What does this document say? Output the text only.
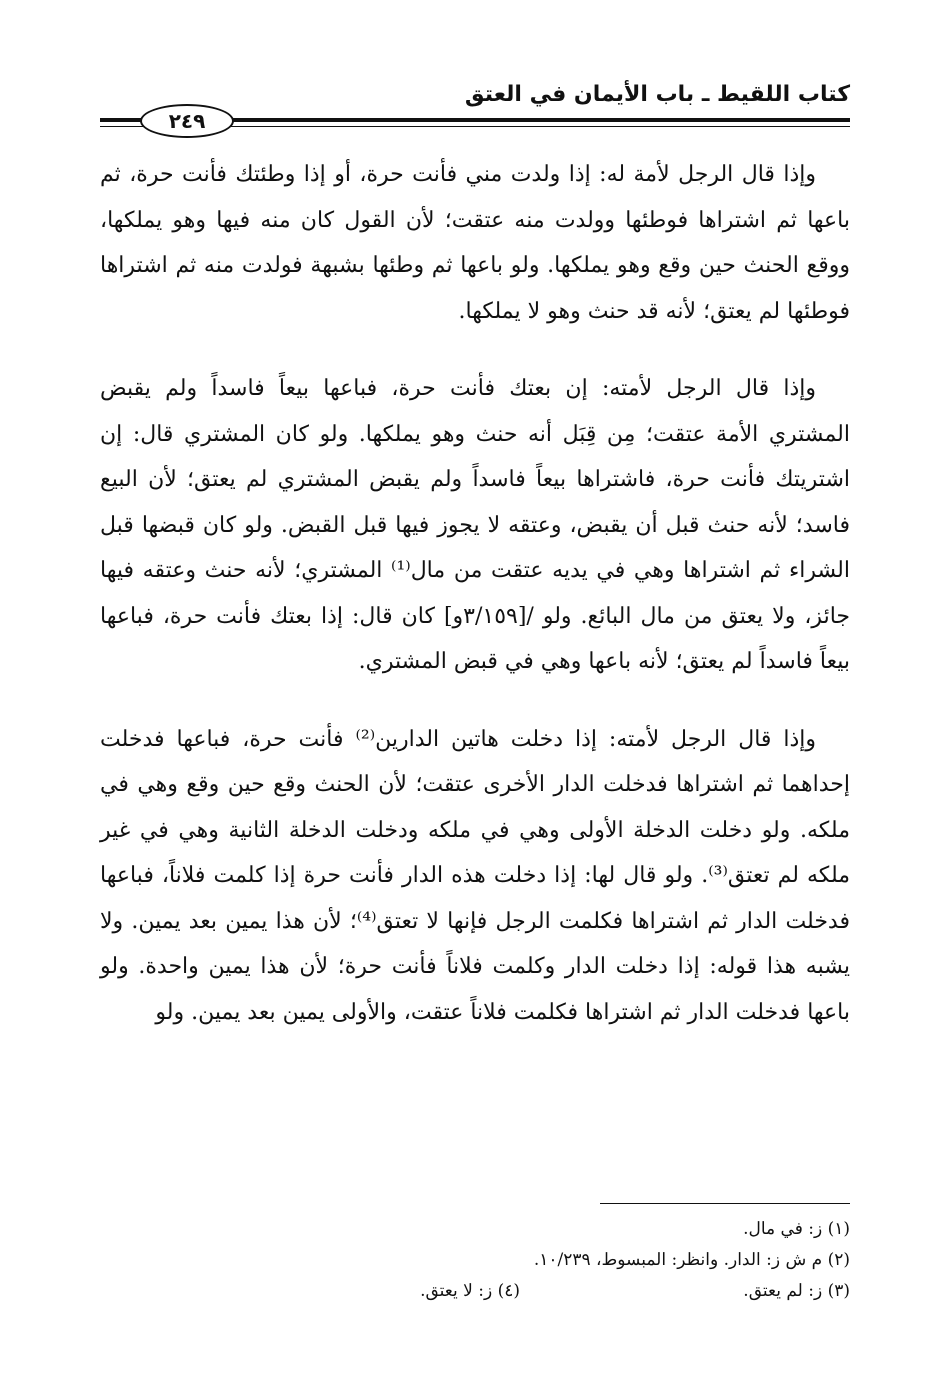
كتاب اللقيط ـ باب الأيمان في العتق
٢٤٩

وإذا قال الرجل لأمة له: إذا ولدت مني فأنت حرة، أو إذا وطئتك فأنت حرة، ثم باعها ثم اشتراها فوطئها وولدت منه عتقت؛ لأن القول كان منه فيها وهو يملكها، ووقع الحنث حين وقع وهو يملكها. ولو باعها ثم وطئها بشبهة فولدت منه ثم اشتراها فوطئها لم يعتق؛ لأنه قد حنث وهو لا يملكها.

وإذا قال الرجل لأمته: إن بعتك فأنت حرة، فباعها بيعاً فاسداً ولم يقبض المشتري الأمة عتقت؛ مِن قِبَل أنه حنث وهو يملكها. ولو كان المشتري قال: إن اشتريتك فأنت حرة، فاشتراها بيعاً فاسداً ولم يقبض المشتري لم يعتق؛ لأن البيع فاسد؛ لأنه حنث قبل أن يقبض، وعتقه لا يجوز فيها قبل القبض. ولو كان قبضها قبل الشراء ثم اشتراها وهي في يديه عتقت من مال⁽¹⁾ المشتري؛ لأنه حنث وعتقه فيها جائز، ولا يعتق من مال البائع. ولو /[٣/١٥٩و] كان قال: إذا بعتك فأنت حرة، فباعها بيعاً فاسداً لم يعتق؛ لأنه باعها وهي في قبض المشتري.

وإذا قال الرجل لأمته: إذا دخلت هاتين الدارين⁽²⁾ فأنت حرة، فباعها فدخلت إحداهما ثم اشتراها فدخلت الدار الأخرى عتقت؛ لأن الحنث وقع حين وقع وهي في ملكه. ولو دخلت الدخلة الأولى وهي في ملكه ودخلت الدخلة الثانية وهي في غير ملكه لم تعتق⁽³⁾. ولو قال لها: إذا دخلت هذه الدار فأنت حرة إذا كلمت فلاناً، فباعها فدخلت الدار ثم اشتراها فكلمت الرجل فإنها لا تعتق⁽⁴⁾؛ لأن هذا يمين بعد يمين. ولا يشبه هذا قوله: إذا دخلت الدار وكلمت فلاناً فأنت حرة؛ لأن هذا يمين واحدة. ولو باعها فدخلت الدار ثم اشتراها فكلمت فلاناً عتقت، والأولى يمين بعد يمين. ولو

(١) ز: في مال.

(٢) م ش ز: الدار. وانظر: المبسوط، ١٠/٢٣٩.

(٣) ز: لم يعتق.(٤) ز: لا يعتق.
